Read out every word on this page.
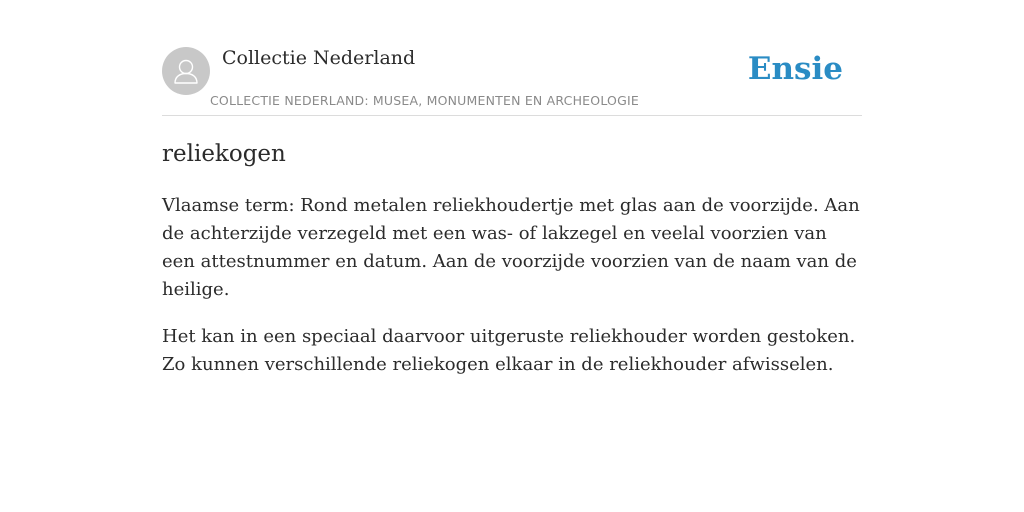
Collectie Nederland
COLLECTIE NEDERLAND: MUSEA, MONUMENTEN EN ARCHEOLOGIE
Ensie
reliekogen

Vlaamse term: Rond metalen reliekhoudertje met glas aan de voorzijde. Aan de achterzijde verzegeld met een was- of lakzegel en veelal voorzien van een attestnummer en datum. Aan de voorzijde voorzien van de naam van de heilige.

Het kan in een speciaal daarvoor uitgeruste reliekhouder worden gestoken. Zo kunnen verschillende reliekogen elkaar in de reliekhouder afwisselen.
